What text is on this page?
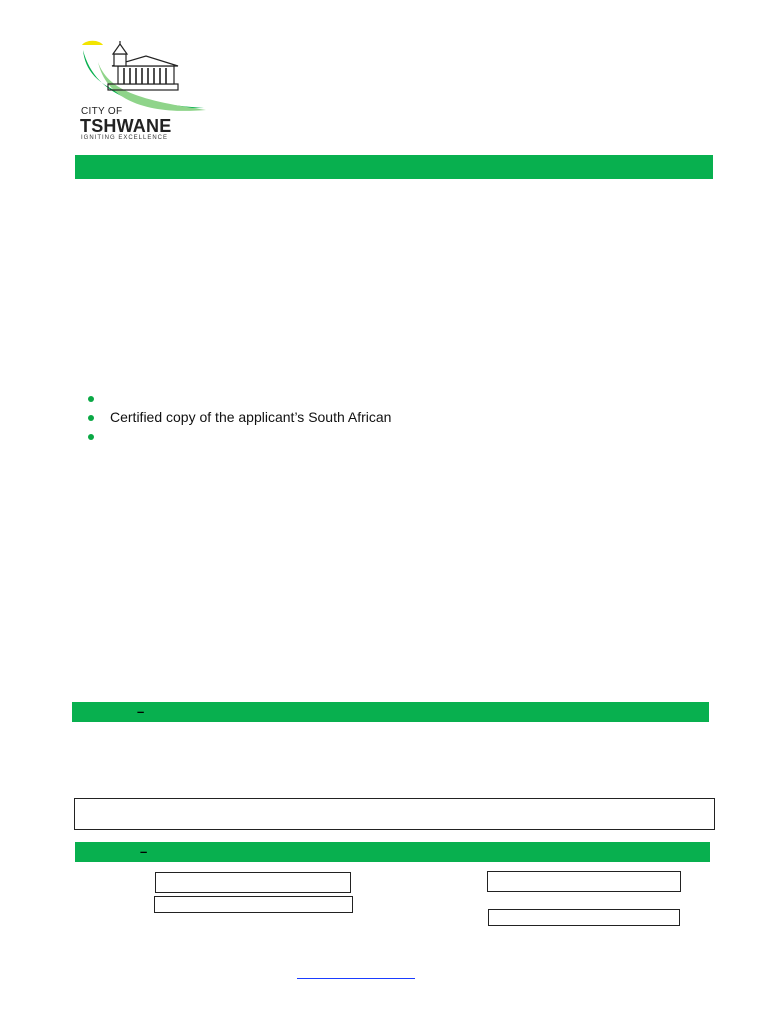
CITY OF
TSHWANE
IGNITING EXCELLENCE
Certified copy of the applicant’s South African
–
–
